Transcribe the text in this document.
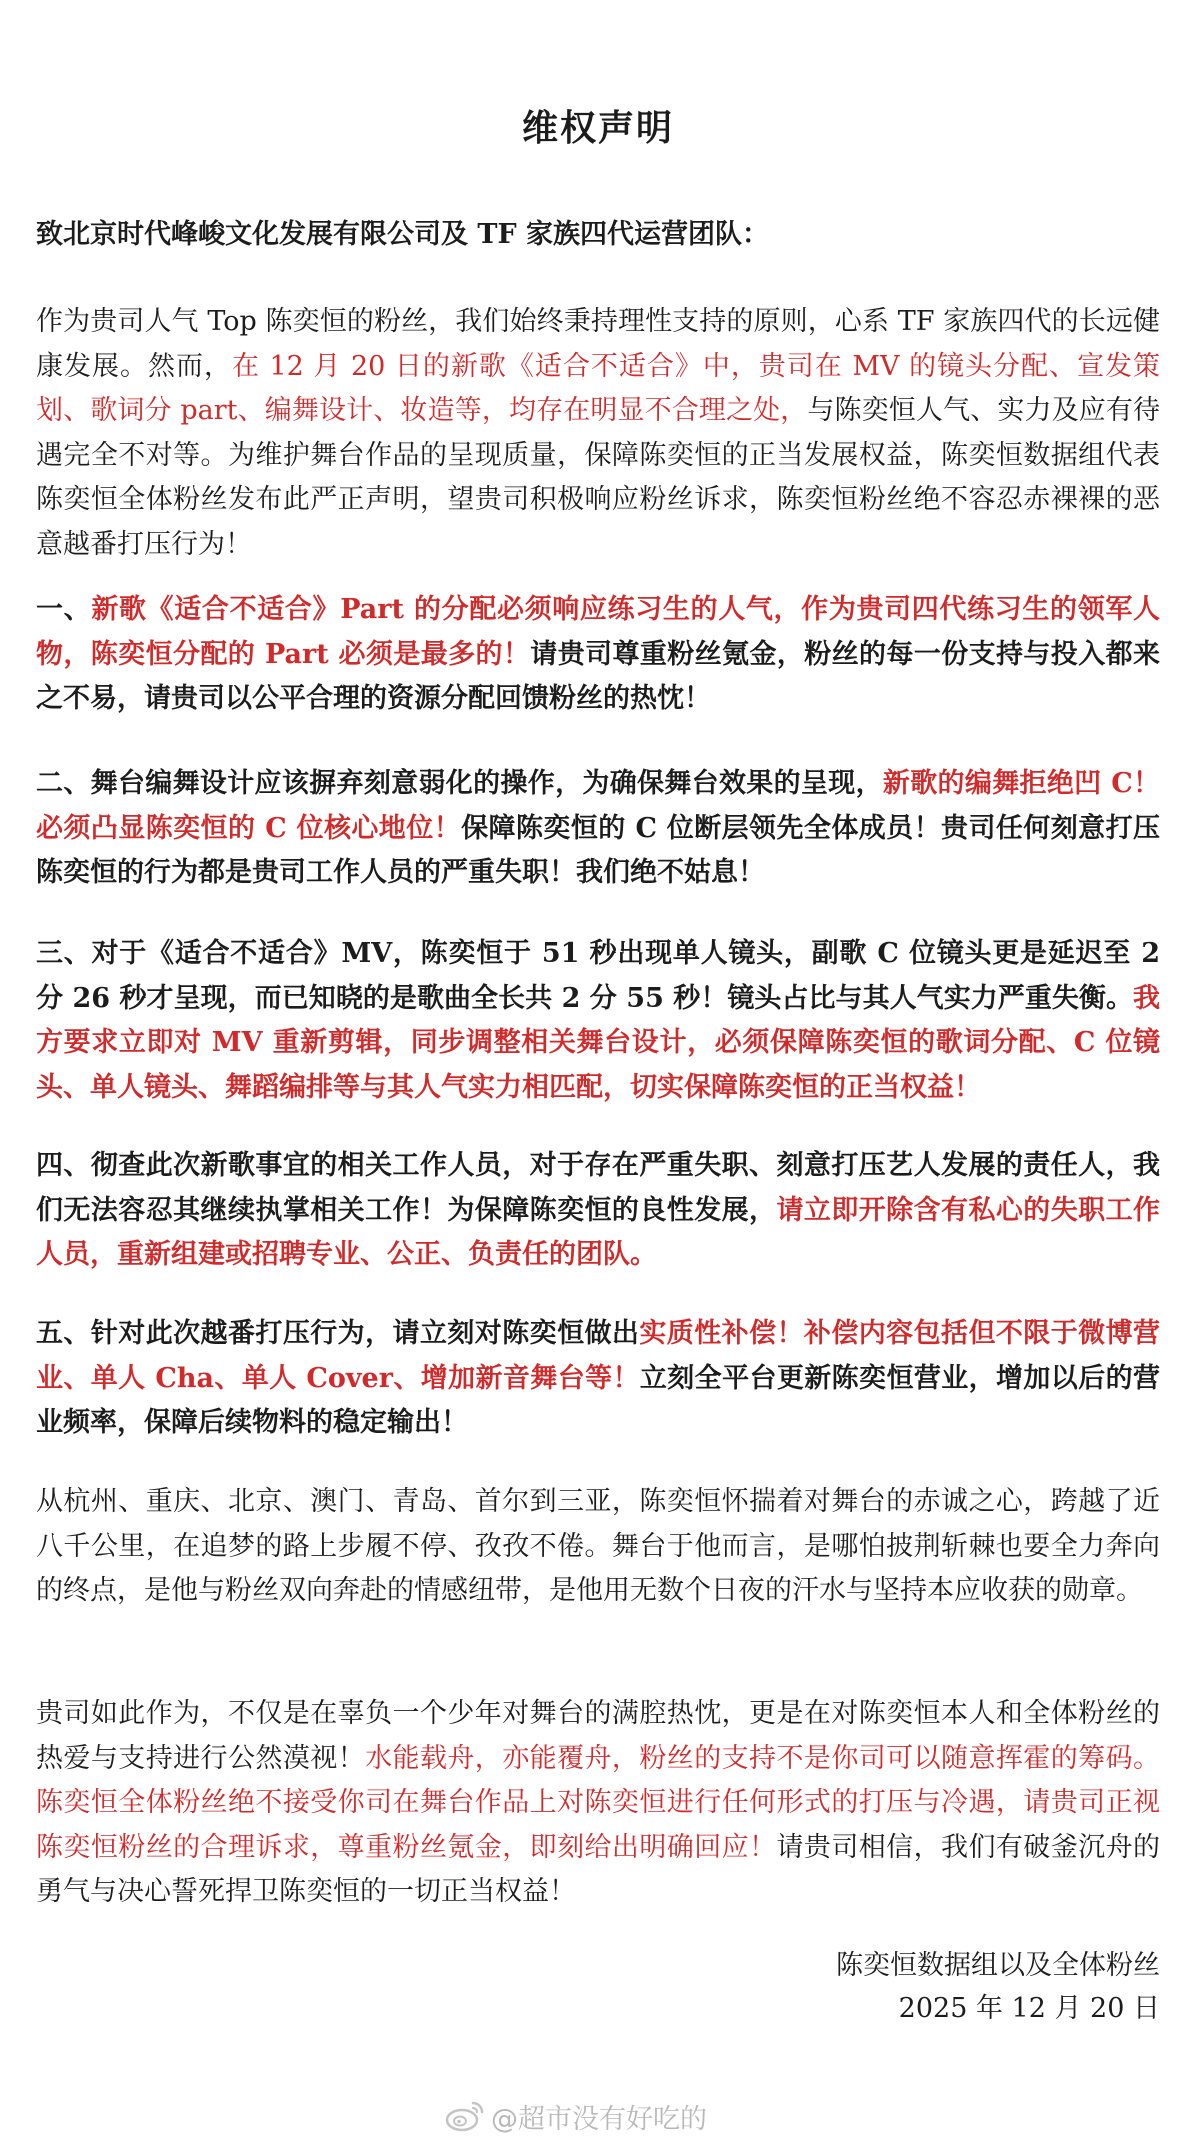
维权声明
致北京时代峰峻文化发展有限公司及 TF 家族四代运营团队：
作为贵司人气 Top 陈奕恒的粉丝，我们始终秉持理性支持的原则，心系 TF 家族四代的长远健康发展。然而，在 12 月 20 日的新歌《适合不适合》中，贵司在 MV 的镜头分配、宣发策划、歌词分 part、编舞设计、妆造等，均存在明显不合理之处，与陈奕恒人气、实力及应有待遇完全不对等。为维护舞台作品的呈现质量，保障陈奕恒的正当发展权益，陈奕恒数据组代表陈奕恒全体粉丝发布此严正声明，望贵司积极响应粉丝诉求，陈奕恒粉丝绝不容忍赤裸裸的恶意越番打压行为！
一、新歌《适合不适合》Part 的分配必须响应练习生的人气，作为贵司四代练习生的领军人物，陈奕恒分配的 Part 必须是最多的！请贵司尊重粉丝氪金，粉丝的每一份支持与投入都来之不易，请贵司以公平合理的资源分配回馈粉丝的热忱！
二、舞台编舞设计应该摒弃刻意弱化的操作，为确保舞台效果的呈现，新歌的编舞拒绝凹 C！必须凸显陈奕恒的 C 位核心地位！保障陈奕恒的 C 位断层领先全体成员！贵司任何刻意打压陈奕恒的行为都是贵司工作人员的严重失职！我们绝不姑息！
三、对于《适合不适合》MV，陈奕恒于 51 秒出现单人镜头，副歌 C 位镜头更是延迟至 2 分 26 秒才呈现，而已知晓的是歌曲全长共 2 分 55 秒！镜头占比与其人气实力严重失衡。我方要求立即对 MV 重新剪辑，同步调整相关舞台设计，必须保障陈奕恒的歌词分配、C 位镜头、单人镜头、舞蹈编排等与其人气实力相匹配，切实保障陈奕恒的正当权益！
四、彻查此次新歌事宜的相关工作人员，对于存在严重失职、刻意打压艺人发展的责任人，我们无法容忍其继续执掌相关工作！为保障陈奕恒的良性发展，请立即开除含有私心的失职工作人员，重新组建或招聘专业、公正、负责任的团队。
五、针对此次越番打压行为，请立刻对陈奕恒做出实质性补偿！补偿内容包括但不限于微博营业、单人 Cha、单人 Cover、增加新音舞台等！立刻全平台更新陈奕恒营业，增加以后的营业频率，保障后续物料的稳定输出！
从杭州、重庆、北京、澳门、青岛、首尔到三亚，陈奕恒怀揣着对舞台的赤诚之心，跨越了近八千公里，在追梦的路上步履不停、孜孜不倦。舞台于他而言，是哪怕披荆斩棘也要全力奔向的终点，是他与粉丝双向奔赴的情感纽带，是他用无数个日夜的汗水与坚持本应收获的勋章。
贵司如此作为，不仅是在辜负一个少年对舞台的满腔热忱，更是在对陈奕恒本人和全体粉丝的热爱与支持进行公然漠视！水能载舟，亦能覆舟，粉丝的支持不是你司可以随意挥霍的筹码。陈奕恒全体粉丝绝不接受你司在舞台作品上对陈奕恒进行任何形式的打压与冷遇，请贵司正视陈奕恒粉丝的合理诉求，尊重粉丝氪金，即刻给出明确回应！请贵司相信，我们有破釜沉舟的勇气与决心誓死捍卫陈奕恒的一切正当权益！
陈奕恒数据组以及全体粉丝
2025 年 12 月 20 日
@超市没有好吃的
